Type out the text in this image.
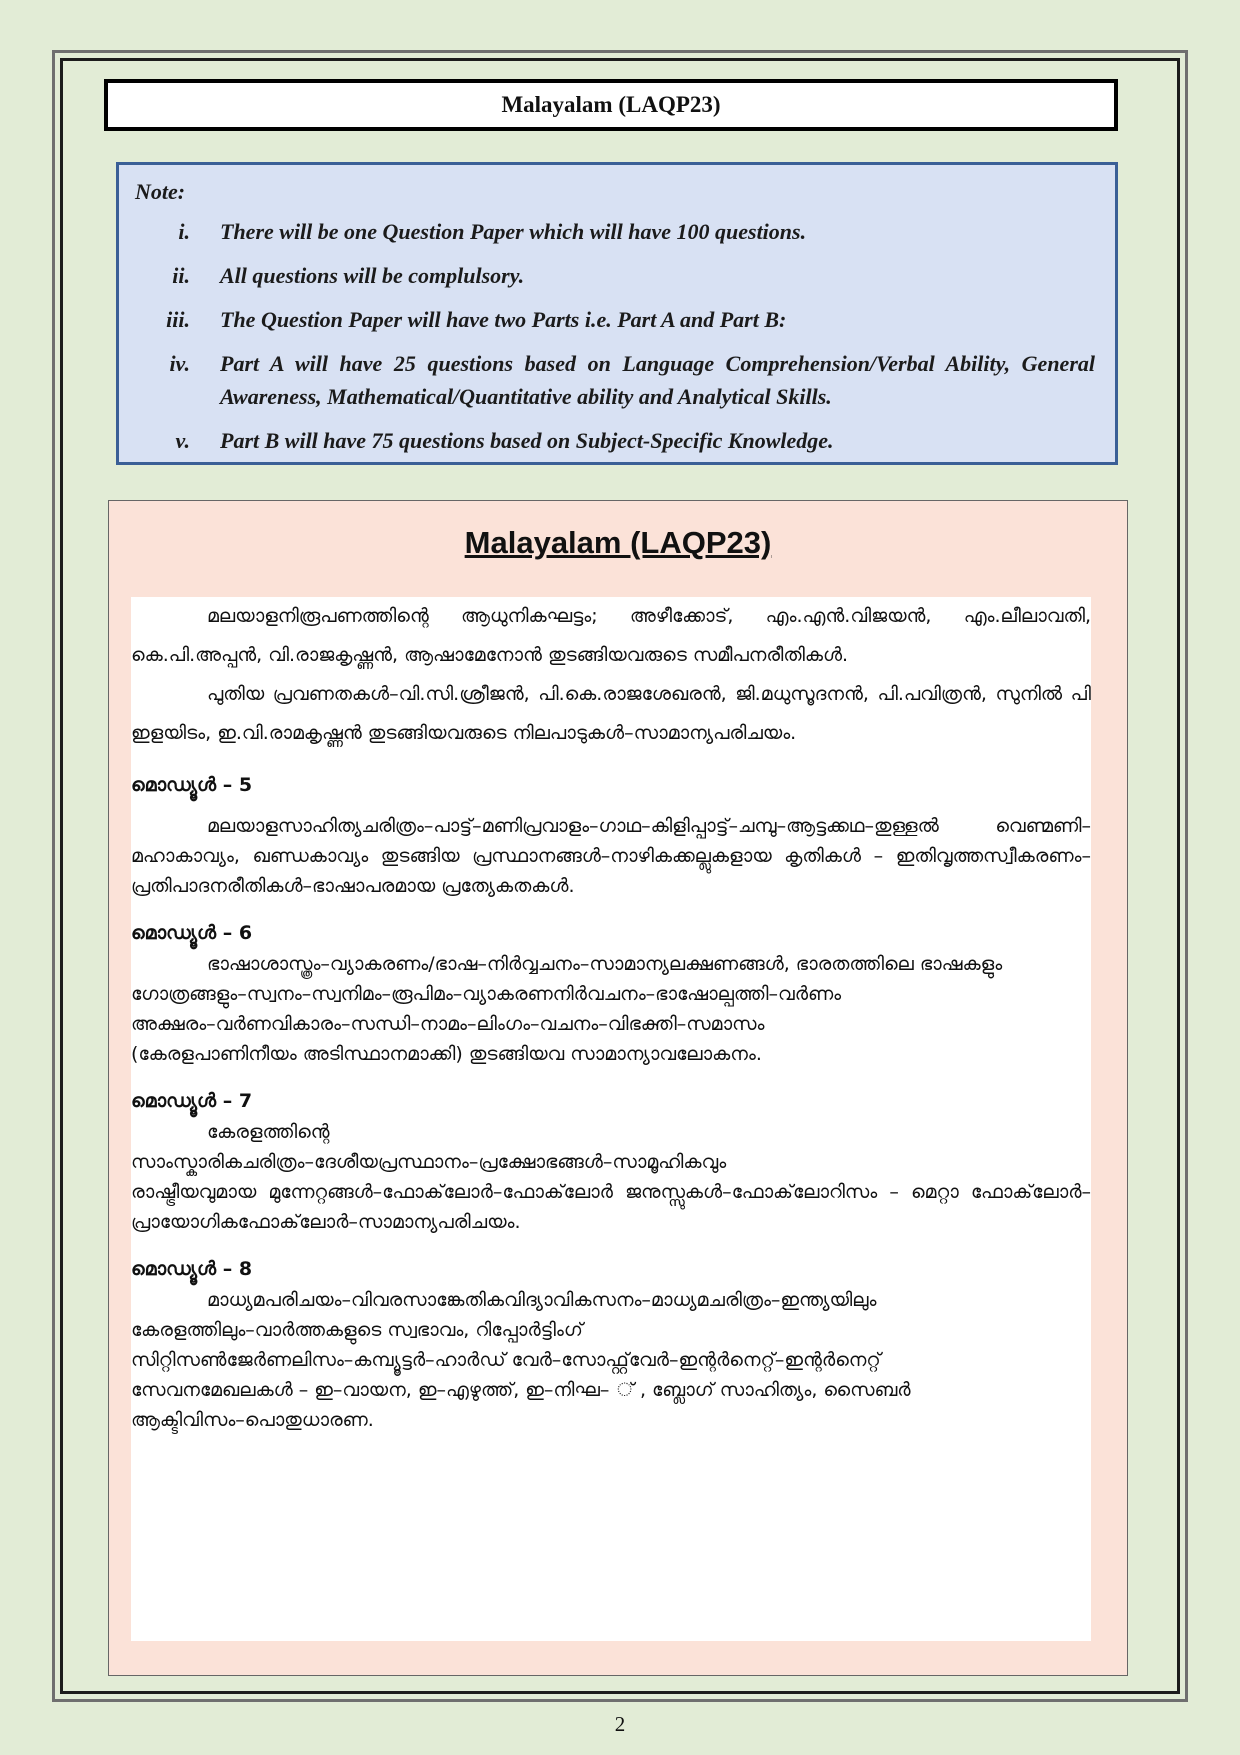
Malayalam (LAQP23)
Note:
i. There will be one Question Paper which will have 100 questions.
ii. All questions will be complulsory.
iii. The Question Paper will have two Parts i.e. Part A and Part B:
iv. Part A will have 25 questions based on Language Comprehension/Verbal Ability, General Awareness, Mathematical/Quantitative ability and Analytical Skills.
v. Part B will have 75 questions based on Subject-Specific Knowledge.
Malayalam (LAQP23)

മലയാളനിരൂപണത്തിന്റെ ആധുനികഘട്ടം; അഴീക്കോട്, എം.എൻ.വിജയൻ, എം.ലീലാവതി, കെ.പി.അപ്പൻ, വി.രാജകൃഷ്ണൻ, ആഷാമേനോൻ തുടങ്ങിയവരുടെ സമീപനരീതികൾ.

പുതിയ പ്രവണതകൾ–വി.സി.ശ്രീജൻ, പി.കെ.രാജശേഖരൻ, ജി.മധുസൂദനൻ, പി.പവിത്രൻ, സുനിൽ പി ഇളയിടം, ഇ.വി.രാമകൃഷ്ണൻ തുടങ്ങിയവരുടെ നിലപാടുകൾ–സാമാന്യപരിചയം.

മൊഡ്യൂൾ – 5

മലയാളസാഹിത്യചരിത്രം–പാട്ട്–മണിപ്രവാളം–ഗാഥ–കിളിപ്പാട്ട്–ചമ്പു–ആട്ടക്കഥ–തുള്ളൽ വെണ്മണി–മഹാകാവ്യം, ഖണ്ഡകാവ്യം തുടങ്ങിയ പ്രസ്ഥാനങ്ങൾ–നാഴികക്കല്ലുകളായ കൃതികൾ – ഇതിവൃത്തസ്വീകരണം–പ്രതിപാദനരീതികൾ–ഭാഷാപരമായ പ്രത്യേകതകൾ.

മൊഡ്യൂൾ – 6

ഭാഷാശാസ്ത്രം–വ്യാകരണം/ഭാഷ–നിർവ്വചനം–സാമാന്യലക്ഷണങ്ങൾ, ഭാരതത്തിലെ ഭാഷകളും

ഗോത്രങ്ങളും–സ്വനം–സ്വനിമം–രൂപിമം–വ്യാകരണനിർവചനം–ഭാഷോല്പത്തി–വർണം

അക്ഷരം–വർണവികാരം–സന്ധി–നാമം–ലിംഗം–വചനം–വിഭക്തി–സമാസം

(കേരളപാണിനീയം അടിസ്ഥാനമാക്കി) തുടങ്ങിയവ സാമാന്യാവലോകനം.

മൊഡ്യൂൾ – 7

കേരളത്തിന്റെ

സാംസ്കാരികചരിത്രം–ദേശീയപ്രസ്ഥാനം–പ്രക്ഷോഭങ്ങൾ–സാമൂഹികവും

രാഷ്ട്രീയവുമായ മുന്നേറ്റങ്ങൾ–ഫോക്‌ലോർ–ഫോക്‌ലോർ ജനുസ്സുകൾ–ഫോക്‌ലോറിസം – മെറ്റാ ഫോക്‌ലോർ–പ്രായോഗികഫോക്‌ലോർ–സാമാന്യപരിചയം.

മൊഡ്യൂൾ – 8

മാധ്യമപരിചയം–വിവരസാങ്കേതികവിദ്യാവികസനം–മാധ്യമചരിത്രം–ഇന്ത്യയിലും

കേരളത്തിലും–വാർത്തകളുടെ സ്വഭാവം, റിപ്പോർട്ടിംഗ്

സിറ്റിസൺജേർണലിസം–കമ്പ്യൂട്ടർ–ഹാർഡ് വേർ–സോഫ്റ്റ്‌വേർ–ഇന്റർനെറ്റ്–ഇന്റർനെറ്റ്

സേവനമേഖലകൾ – ഇ–വായന, ഇ–എഴുത്ത്, ഇ–നിഘ– ് , ബ്ലോഗ് സാഹിത്യം, സൈബർ

ആക്ടിവിസം–പൊതുധാരണ.

2
